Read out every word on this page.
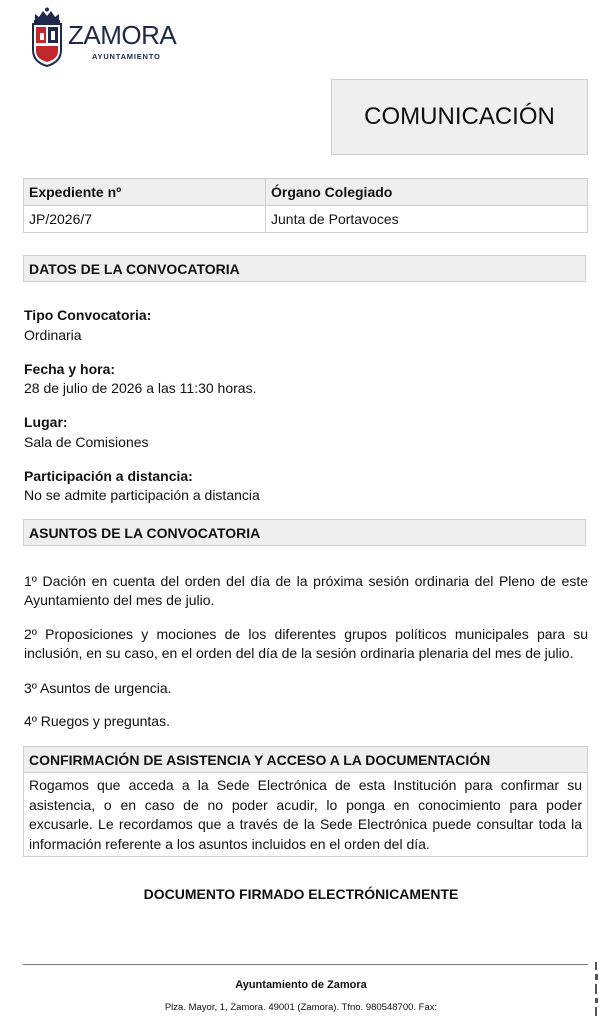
ZAMORA
AYUNTAMIENTO
COMUNICACIÓN
Expediente nº	Órgano Colegiado
JP/2026/7	Junta de Portavoces
DATOS DE LA CONVOCATORIA
Tipo Convocatoria:
Ordinaria
Fecha y hora:
28 de julio de 2026 a las 11:30 horas.
Lugar:
Sala de Comisiones
Participación a distancia:
No se admite participación a distancia
ASUNTOS DE LA CONVOCATORIA
1º Dación en cuenta del orden del día de la próxima sesión ordinaria del Pleno de este Ayuntamiento del mes de julio.
2º Proposiciones y mociones de los diferentes grupos políticos municipales para su inclusión, en su caso, en el orden del día de la sesión ordinaria plenaria del mes de julio.
3º Asuntos de urgencia.
4º Ruegos y preguntas.
CONFIRMACIÓN DE ASISTENCIA Y ACCESO A LA DOCUMENTACIÓN
Rogamos que acceda a la Sede Electrónica de esta Institución para confirmar su asistencia, o en caso de no poder acudir, lo ponga en conocimiento para poder excusarle. Le recordamos que a través de la Sede Electrónica puede consultar toda la información referente a los asuntos incluidos en el orden del día.
DOCUMENTO FIRMADO ELECTRÓNICAMENTE
Ayuntamiento de Zamora
Plza. Mayor, 1, Zamora. 49001 (Zamora). Tfno. 980548700. Fax:
